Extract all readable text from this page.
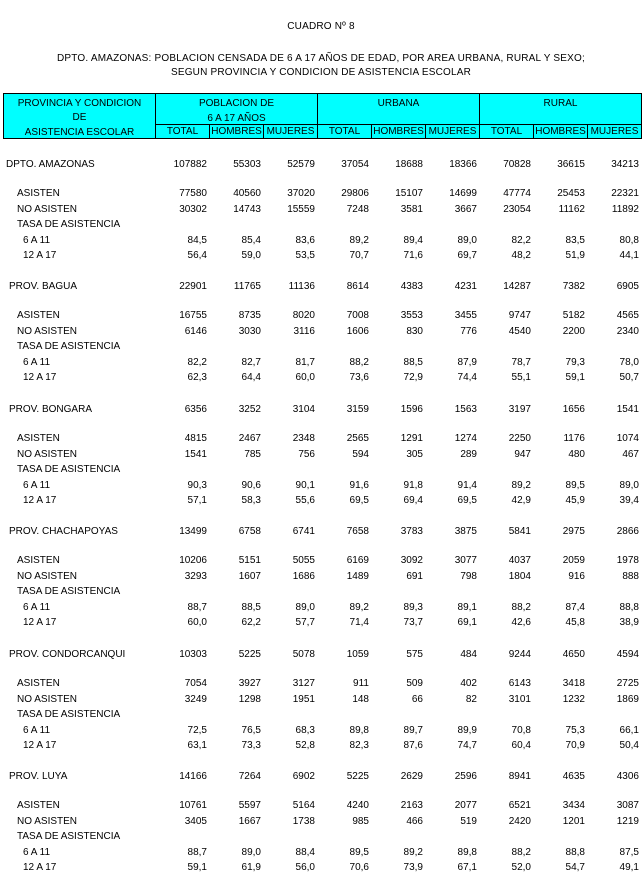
CUADRO Nº 8
DPTO. AMAZONAS: POBLACION CENSADA DE 6 A 17 AÑOS DE EDAD, POR AREA URBANA, RURAL Y SEXO;
SEGUN PROVINCIA Y CONDICION DE ASISTENCIA ESCOLAR
PROVINCIA Y CONDICION
DE
ASISTENCIA ESCOLAR
POBLACION DE
6 A 17 AÑOS
URBANA	RURAL
TOTAL	HOMBRES MUJERES	TOTAL	HOMBRES MUJERES	TOTAL	HOMBRES MUJERES
DPTO. AMAZONAS	107882	55303	52579	37054	18688	18366	70828	36615	34213
ASISTEN	77580	40560	37020	29806	15107	14699	47774	25453	22321
NO ASISTEN	30302	14743	15559	7248	3581	3667	23054	11162	11892
TASA DE ASISTENCIA
6 A 11	84,5	85,4	83,6	89,2	89,4	89,0	82,2	83,5	80,8
12 A 17	56,4	59,0	53,5	70,7	71,6	69,7	48,2	51,9	44,1
PROV. BAGUA	22901	11765	11136	8614	4383	4231	14287	7382	6905
ASISTEN	16755	8735	8020	7008	3553	3455	9747	5182	4565
NO ASISTEN	6146	3030	3116	1606	830	776	4540	2200	2340
TASA DE ASISTENCIA
6 A 11	82,2	82,7	81,7	88,2	88,5	87,9	78,7	79,3	78,0
12 A 17	62,3	64,4	60,0	73,6	72,9	74,4	55,1	59,1	50,7
PROV. BONGARA	6356	3252	3104	3159	1596	1563	3197	1656	1541
ASISTEN	4815	2467	2348	2565	1291	1274	2250	1176	1074
NO ASISTEN	1541	785	756	594	305	289	947	480	467
TASA DE ASISTENCIA
6 A 11	90,3	90,6	90,1	91,6	91,8	91,4	89,2	89,5	89,0
12 A 17	57,1	58,3	55,6	69,5	69,4	69,5	42,9	45,9	39,4
PROV. CHACHAPOYAS	13499	6758	6741	7658	3783	3875	5841	2975	2866
ASISTEN	10206	5151	5055	6169	3092	3077	4037	2059	1978
NO ASISTEN	3293	1607	1686	1489	691	798	1804	916	888
TASA DE ASISTENCIA
6 A 11	88,7	88,5	89,0	89,2	89,3	89,1	88,2	87,4	88,8
12 A 17	60,0	62,2	57,7	71,4	73,7	69,1	42,6	45,8	38,9
PROV. CONDORCANQUI	10303	5225	5078	1059	575	484	9244	4650	4594
ASISTEN	7054	3927	3127	911	509	402	6143	3418	2725
NO ASISTEN	3249	1298	1951	148	66	82	3101	1232	1869
TASA DE ASISTENCIA
6 A 11	72,5	76,5	68,3	89,8	89,7	89,9	70,8	75,3	66,1
12 A 17	63,1	73,3	52,8	82,3	87,6	74,7	60,4	70,9	50,4
PROV. LUYA	14166	7264	6902	5225	2629	2596	8941	4635	4306
ASISTEN	10761	5597	5164	4240	2163	2077	6521	3434	3087
NO ASISTEN	3405	1667	1738	985	466	519	2420	1201	1219
TASA DE ASISTENCIA
6 A 11	88,7	89,0	88,4	89,5	89,2	89,8	88,2	88,8	87,5
12 A 17	59,1	61,9	56,0	70,6	73,9	67,1	52,0	54,7	49,1
